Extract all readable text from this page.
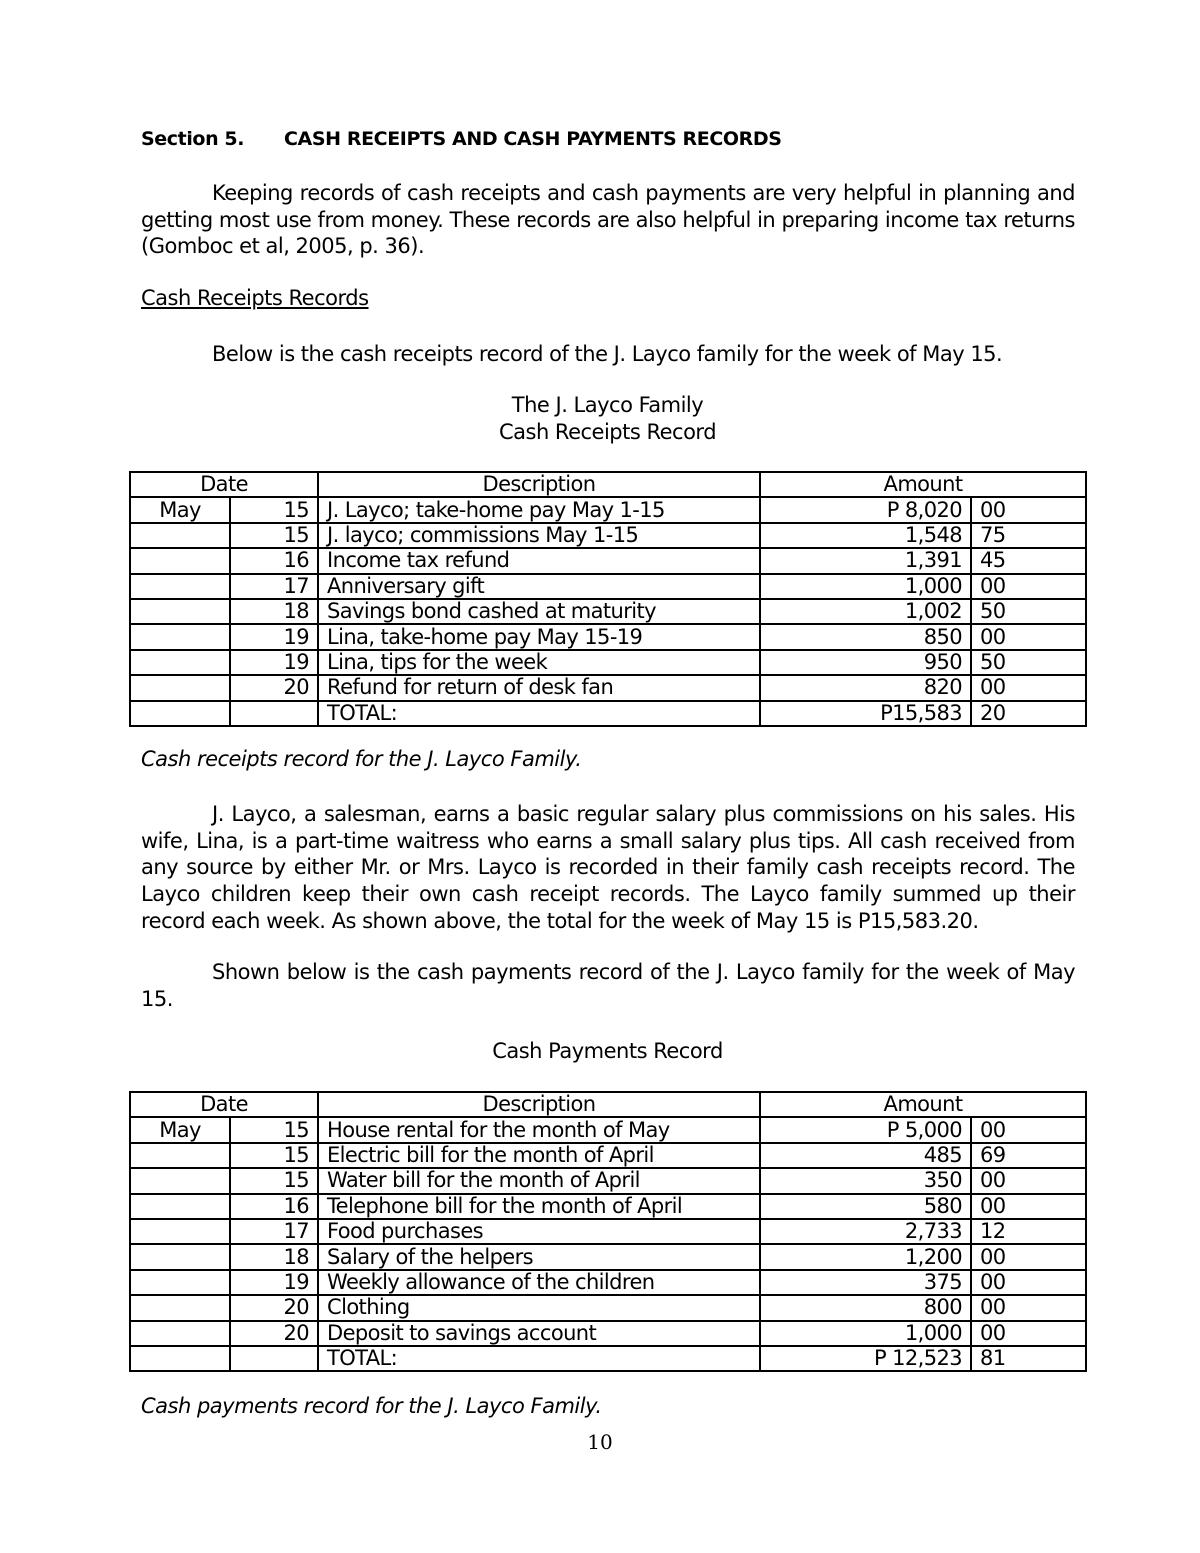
Section 5. CASH RECEIPTS AND CASH PAYMENTS RECORDS
Keeping records of cash receipts and cash payments are very helpful in planning and getting most use from money. These records are also helpful in preparing income tax returns (Gomboc et al, 2005, p. 36).
Cash Receipts Records
Below is the cash receipts record of the J. Layco family for the week of May 15.
The J. Layco Family
Cash Receipts Record
Date		Description	Amount	
May	15	J. Layco; take-home pay May 1-15	P 8,020	00
	15	J. layco; commissions May 1-15	1,548	75
	16	Income tax refund	1,391	45
	17	Anniversary gift	1,000	00
	18	Savings bond cashed at maturity	1,002	50
	19	Lina, take-home pay May 15-19	850	00
	19	Lina, tips for the week	950	50
	20	Refund for return of desk fan	820	00
		TOTAL:	P15,583	20
Cash receipts record for the J. Layco Family.
J. Layco, a salesman, earns a basic regular salary plus commissions on his sales. His wife, Lina, is a part-time waitress who earns a small salary plus tips. All cash received from any source by either Mr. or Mrs. Layco is recorded in their family cash receipts record. The Layco children keep their own cash receipt records. The Layco family summed up their record each week. As shown above, the total for the week of May 15 is P15,583.20.
Shown below is the cash payments record of the J. Layco family for the week of May 15.
Cash Payments Record
Date		Description	Amount	
May	15	House rental for the month of May	P 5,000	00
	15	Electric bill for the month of April	485	69
	15	Water bill for the month of April	350	00
	16	Telephone bill for the month of April	580	00
	17	Food purchases	2,733	12
	18	Salary of the helpers	1,200	00
	19	Weekly allowance of the children	375	00
	20	Clothing	800	00
	20	Deposit to savings account	1,000	00
		TOTAL:	P 12,523	81
Cash payments record for the J. Layco Family.
10
